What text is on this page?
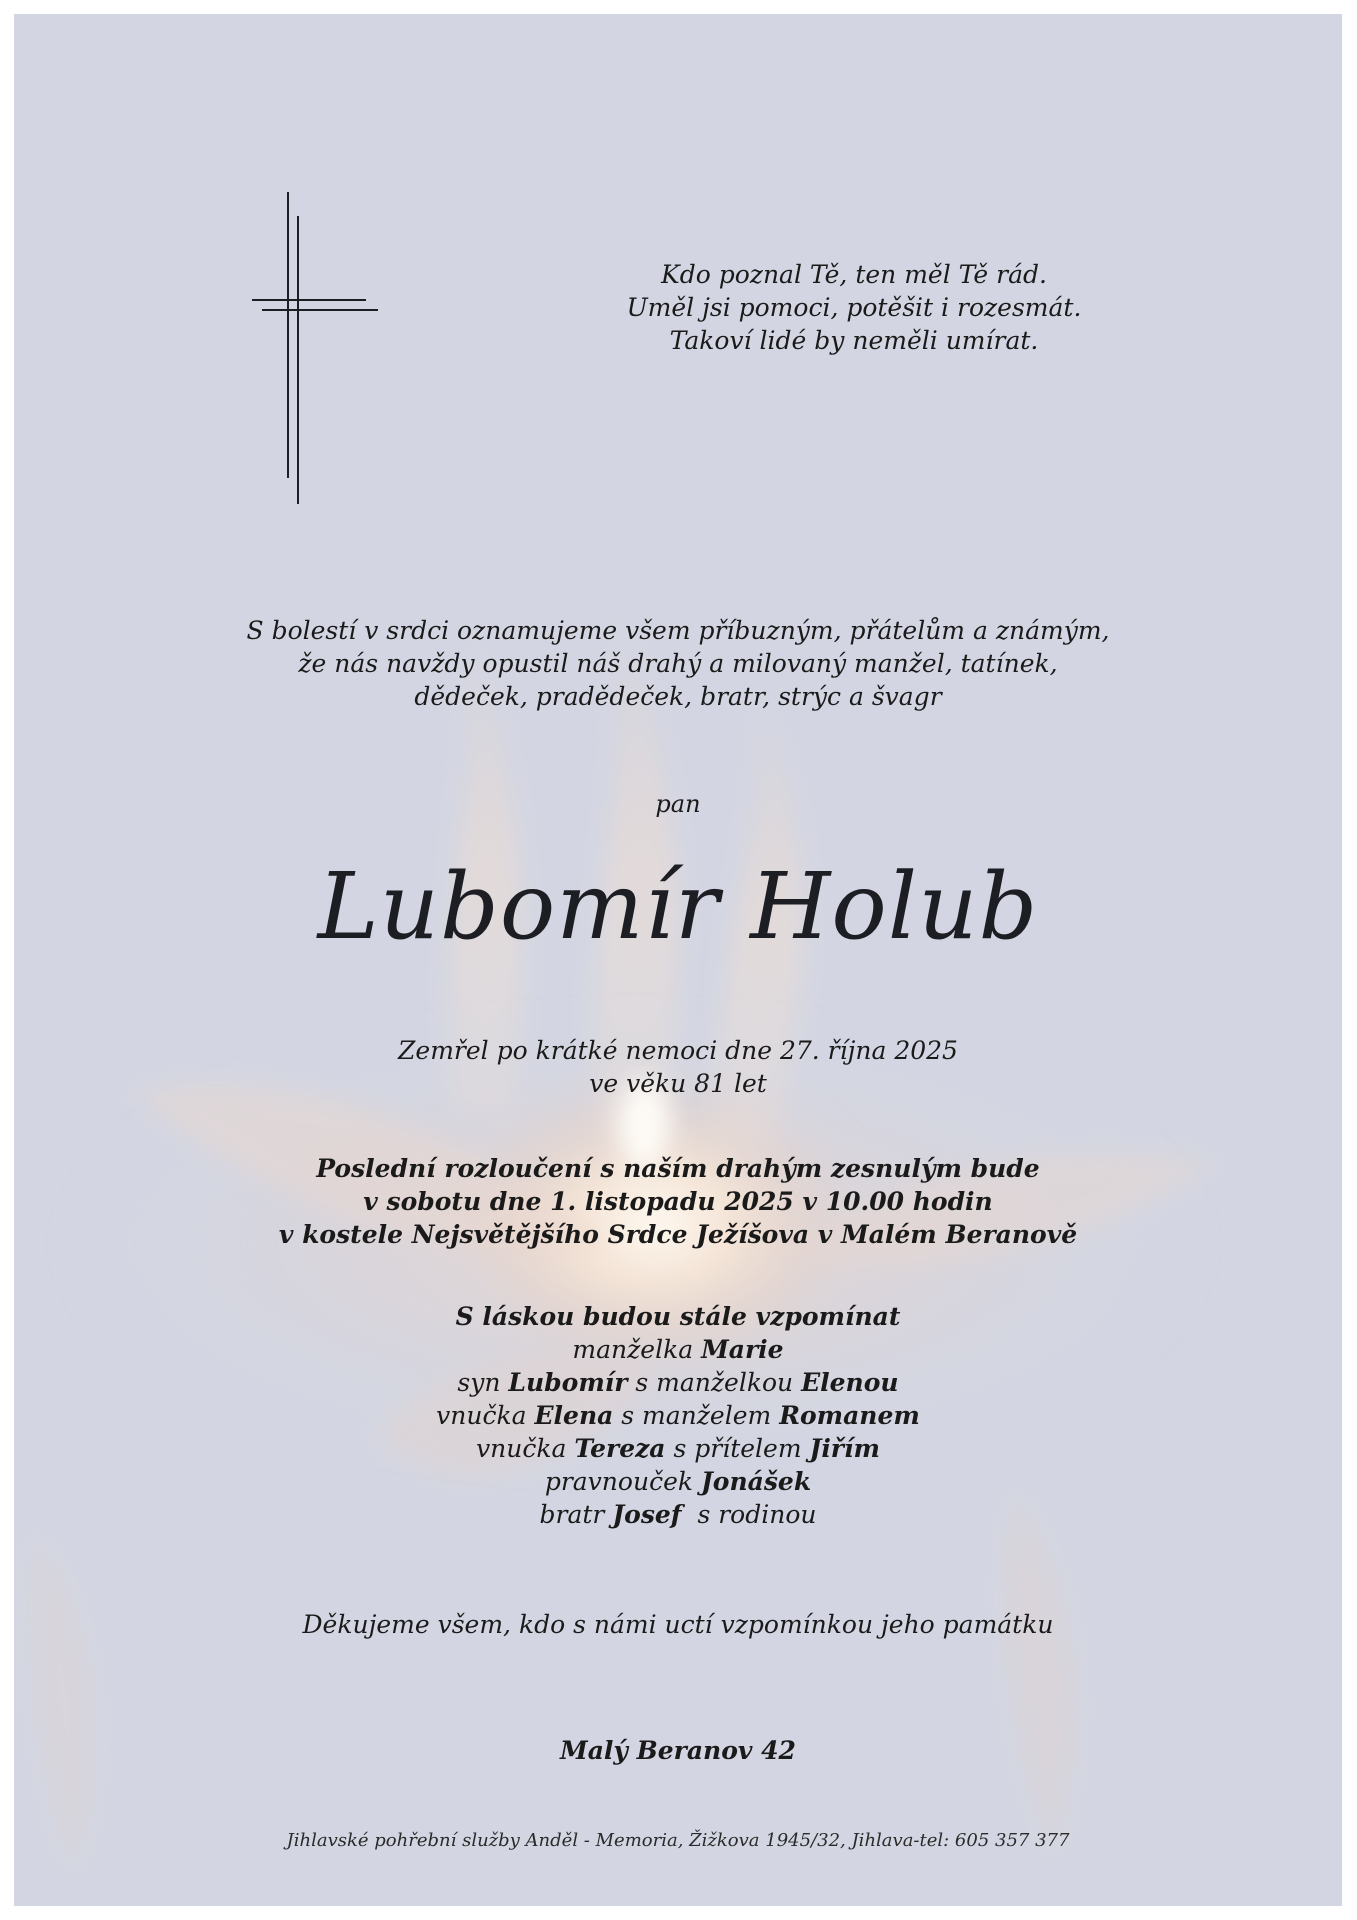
Kdo poznal Tě, ten měl Tě rád.
Uměl jsi pomoci, potěšit i rozesmát.
Takoví lidé by neměli umírat.
S bolestí v srdci oznamujeme všem příbuzným, přátelům a známým,
že nás navždy opustil náš drahý a milovaný manžel, tatínek,
dědeček, pradědeček, bratr, strýc a švagr
pan
Lubomír Holub
Zemřel po krátké nemoci dne 27. října 2025
ve věku 81 let
Poslední rozloučení s naším drahým zesnulým bude
v sobotu dne 1. listopadu 2025 v 10.00 hodin
v kostele Nejsvětějšího Srdce Ježíšova v Malém Beranově
S láskou budou stále vzpomínat
manželka Marie
syn Lubomír s manželkou Elenou
vnučka Elena s manželem Romanem
vnučka Tereza s přítelem Jiřím
pravnouček Jonášek
bratr Josef  s rodinou
Děkujeme všem, kdo s námi uctí vzpomínkou jeho památku
Malý Beranov 42
Jihlavské pohřební služby Anděl - Memoria, Žižkova 1945/32, Jihlava-tel: 605 357 377
